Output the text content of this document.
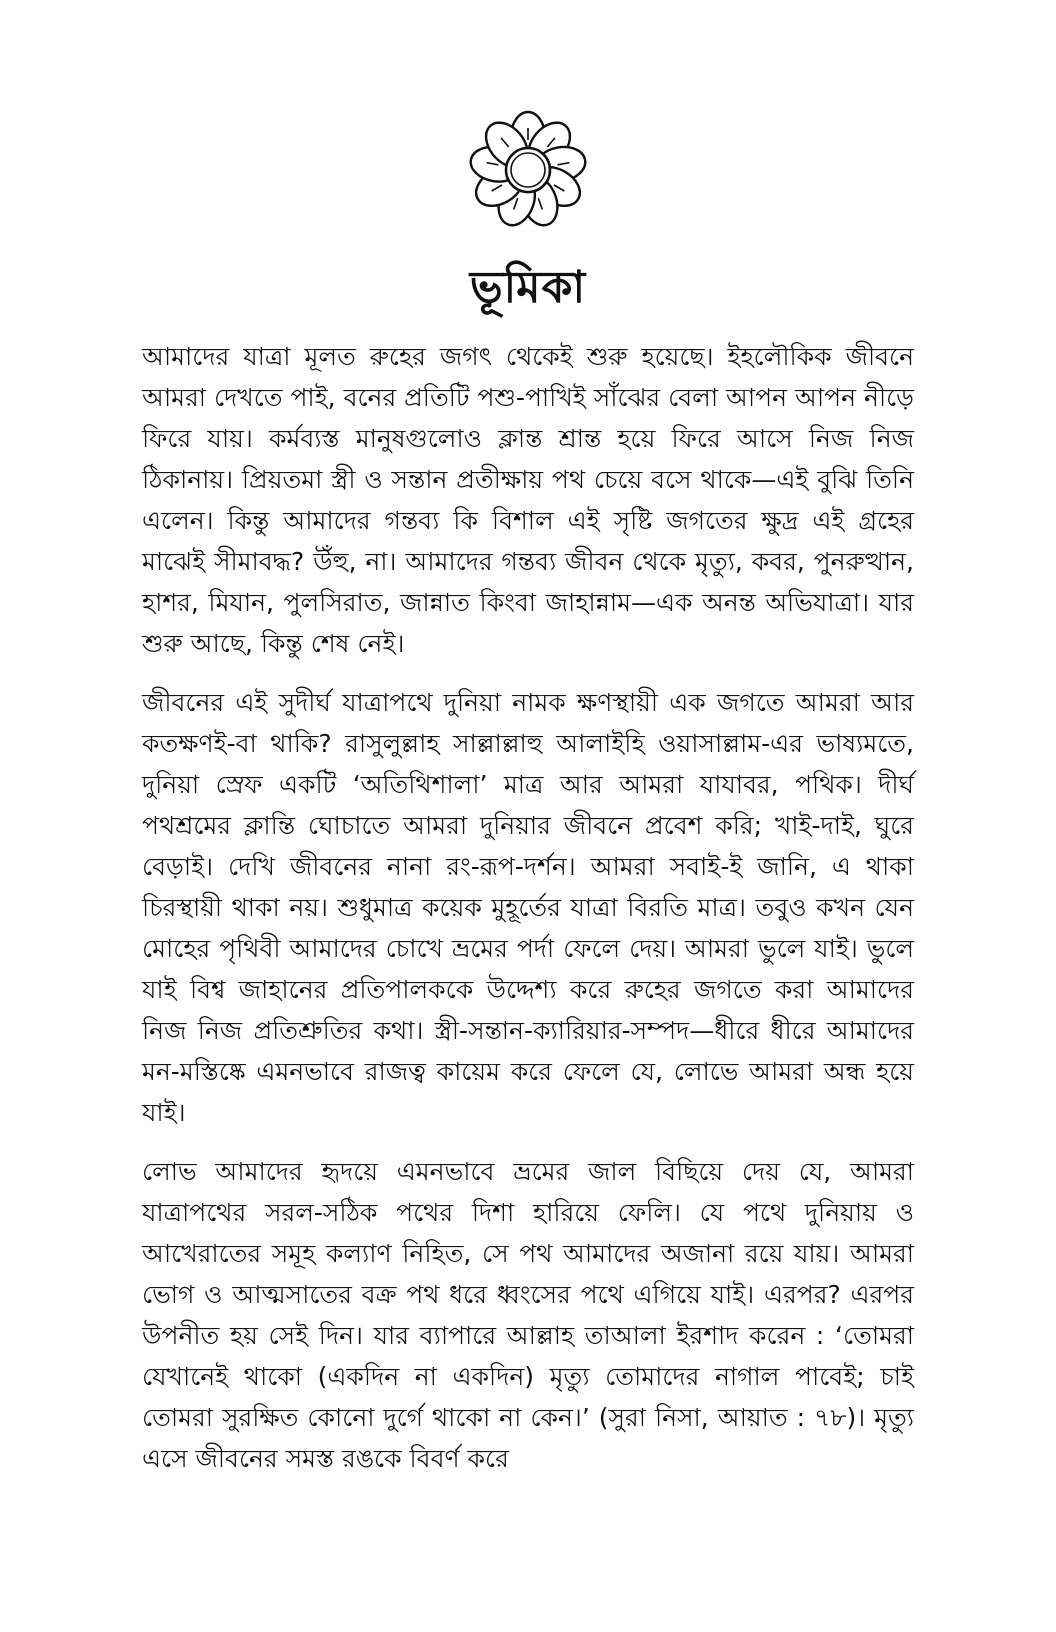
ভূমিকা

আমাদের যাত্রা মূলত রুহের জগৎ থেকেই শুরু হয়েছে। ইহলৌকিক জীবনে আমরা দেখতে পাই, বনের প্রতিটি পশু-পাখিই সাঁঝের বেলা আপন আপন নীড়ে ফিরে যায়। কর্মব্যস্ত মানুষগুলোও ক্লান্ত শ্রান্ত হয়ে ফিরে আসে নিজ নিজ ঠিকানায়। প্রিয়তমা স্ত্রী ও সন্তান প্রতীক্ষায় পথ চেয়ে বসে থাকে—এই বুঝি তিনি এলেন। কিন্তু আমাদের গন্তব্য কি বিশাল এই সৃষ্টি জগতের ক্ষুদ্র এই গ্রহের মাঝেই সীমাবদ্ধ? উঁহু, না। আমাদের গন্তব্য জীবন থেকে মৃত্যু, কবর, পুনরুত্থান, হাশর, মিযান, পুলসিরাত, জান্নাত কিংবা জাহান্নাম—এক অনন্ত অভিযাত্রা। যার শুরু আছে, কিন্তু শেষ নেই।

জীবনের এই সুদীর্ঘ যাত্রাপথে দুনিয়া নামক ক্ষণস্থায়ী এক জগতে আমরা আর কতক্ষণই-বা থাকি? রাসুলুল্লাহ সাল্লাল্লাহু আলাইহি ওয়াসাল্লাম-এর ভাষ্যমতে, দুনিয়া স্রেফ একটি ‘অতিথিশালা’ মাত্র আর আমরা যাযাবর, পথিক। দীর্ঘ পথশ্রমের ক্লান্তি ঘোচাতে আমরা দুনিয়ার জীবনে প্রবেশ করি; খাই-দাই, ঘুরে বেড়াই। দেখি জীবনের নানা রং-রূপ-দর্শন। আমরা সবাই-ই জানি, এ থাকা চিরস্থায়ী থাকা নয়। শুধুমাত্র কয়েক মুহূর্তের যাত্রা বিরতি মাত্র। তবুও কখন যেন মোহের পৃথিবী আমাদের চোখে ভ্রমের পর্দা ফেলে দেয়। আমরা ভুলে যাই। ভুলে যাই বিশ্ব জাহানের প্রতিপালককে উদ্দেশ্য করে রুহের জগতে করা আমাদের নিজ নিজ প্রতিশ্রুতির কথা। স্ত্রী-সন্তান-ক্যারিয়ার-সম্পদ—ধীরে ধীরে আমাদের মন-মস্তিষ্কে এমনভাবে রাজত্ব কায়েম করে ফেলে যে, লোভে আমরা অন্ধ হয়ে যাই।

লোভ আমাদের হৃদয়ে এমনভাবে ভ্রমের জাল বিছিয়ে দেয় যে, আমরা যাত্রাপথের সরল-সঠিক পথের দিশা হারিয়ে ফেলি। যে পথে দুনিয়ায় ও আখেরাতের সমূহ কল্যাণ নিহিত, সে পথ আমাদের অজানা রয়ে যায়। আমরা ভোগ ও আত্মসাতের বক্র পথ ধরে ধ্বংসের পথে এগিয়ে যাই। এরপর? এরপর উপনীত হয় সেই দিন। যার ব্যাপারে আল্লাহ তাআলা ইরশাদ করেন : ‘তোমরা যেখানেই থাকো (একদিন না একদিন) মৃত্যু তোমাদের নাগাল পাবেই; চাই তোমরা সুরক্ষিত কোনো দুর্গে থাকো না কেন।’ (সুরা নিসা, আয়াত : ৭৮)। মৃত্যু এসে জীবনের সমস্ত রঙকে বিবর্ণ করে
